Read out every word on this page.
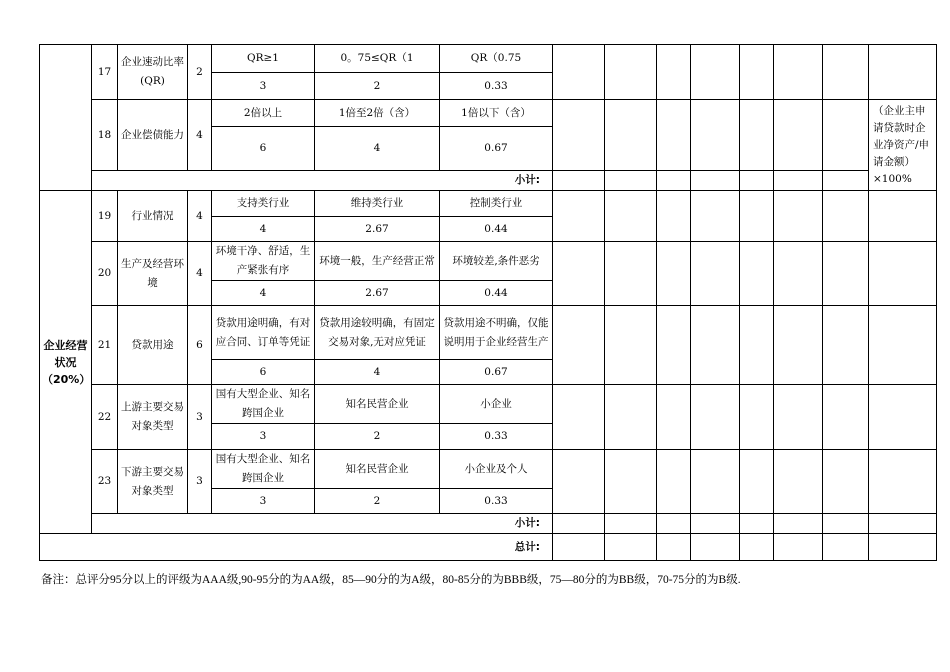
	17	企业速动比率(QR)	2	QR≥1	0。75≤QR（1	QR（0.75								
				3	2	0.33								
	18	企业偿债能力	4	2倍以上	1倍至2倍（含）	1倍以下（含）								（企业主申请贷款时企业净资产/申请金额）×100%
				6	4	0.67								
	小计:													
企业经营状况（20%）	19	行业情况	4	支持类行业	维持类行业	控制类行业								
				4	2.67	0.44								
	20	生产及经营环境	4	环境干净、舒适，生产紧张有序	环境一般，生产经营正常	环境较差,条件恶劣								
				4	2.67	0.44								
	21	贷款用途	6	贷款用途明确，有对应合同、订单等凭证	贷款用途较明确，有固定交易对象,无对应凭证	贷款用途不明确，仅能说明用于企业经营生产								
				6	4	0.67								
	22	上游主要交易对象类型	3	国有大型企业、知名跨国企业	知名民营企业	小企业								
				3	2	0.33								
	23	下游主要交易对象类型	3	国有大型企业、知名跨国企业	知名民营企业	小企业及个人								
				3	2	0.33								
	小计:													
总计:														
备注：总评分95分以上的评级为AAA级,90-95分的为AA级，85—90分的为A级，80-85分的为BBB级，75—80分的为BB级，70-75分的为B级.
